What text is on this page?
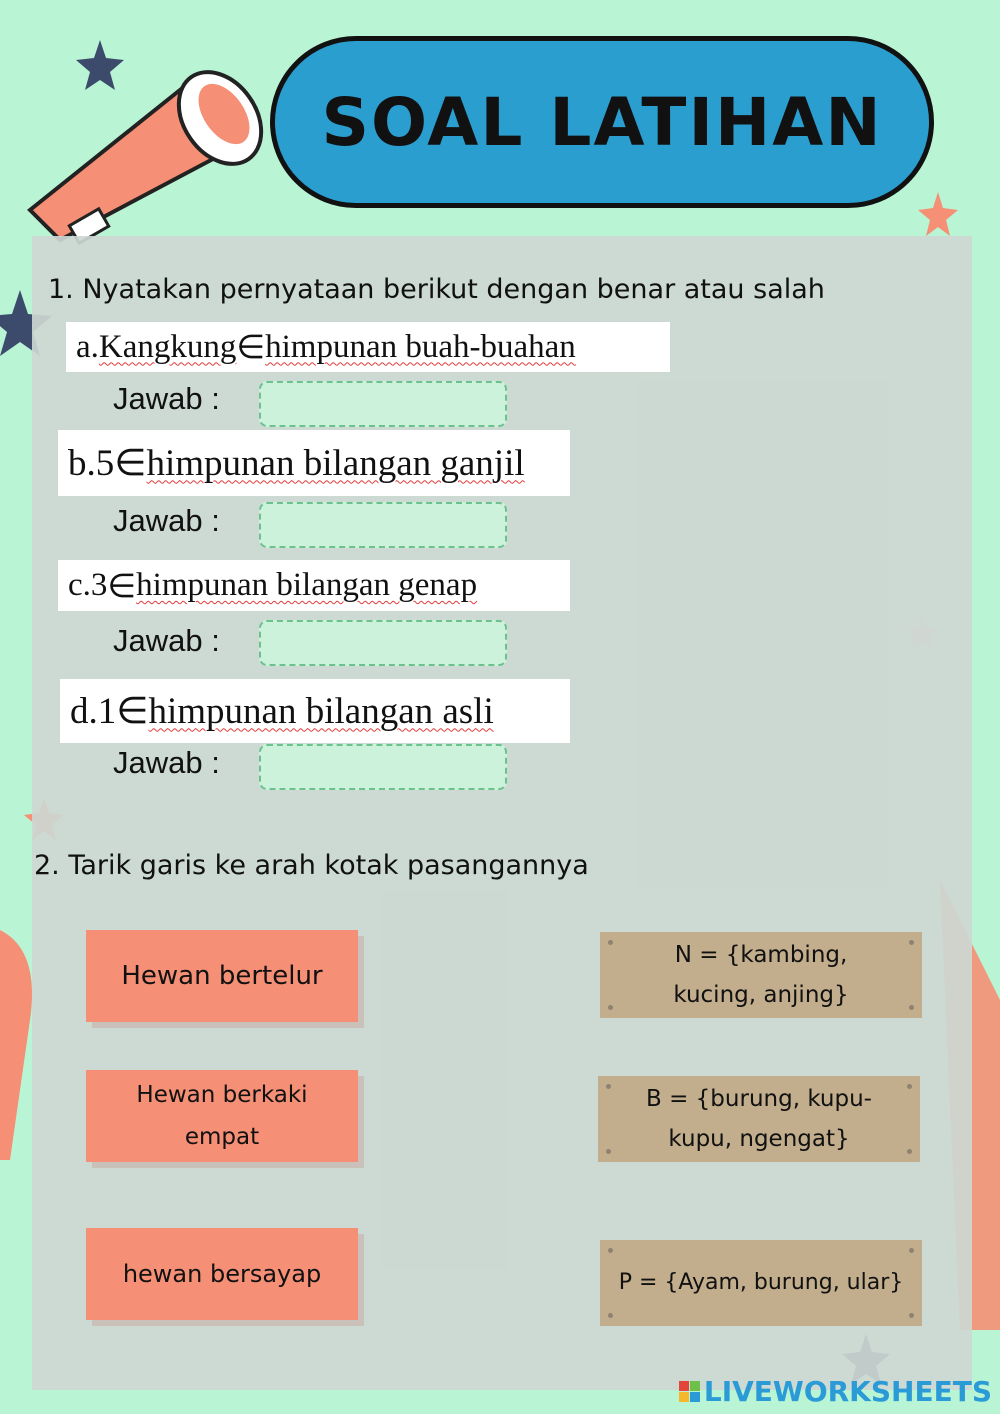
SOAL LATIHAN
1. Nyatakan pernyataan berikut dengan benar atau salah
a. Kangkung ∈ himpunan buah-buahan
Jawab :
b. 5 ∈ himpunan bilangan ganjil
Jawab :
c. 3 ∈ himpunan bilangan genap
Jawab :
d. 1 ∈ himpunan bilangan asli
Jawab :
2. Tarik garis ke arah kotak pasangannya
Hewan bertelur
Hewan berkaki empat
hewan bersayap
N = {kambing, kucing, anjing}
B = {burung, kupu-kupu, ngengat}
P = {Ayam, burung, ular}
LIVEWORKSHEETS
